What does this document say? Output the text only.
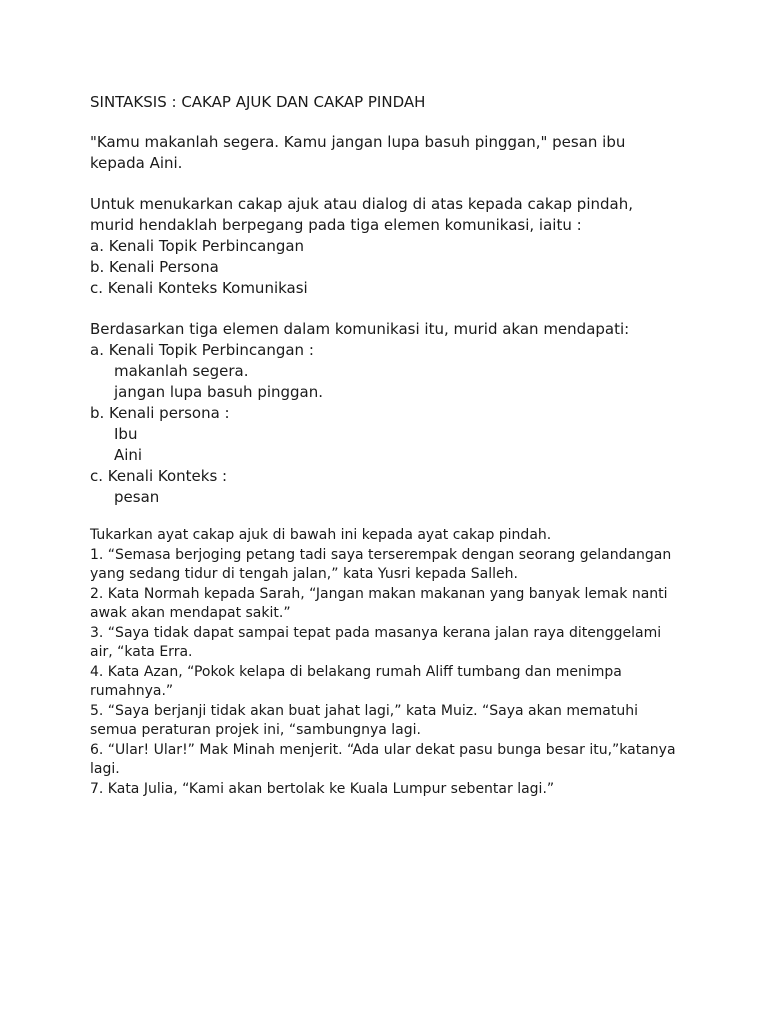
SINTAKSIS : CAKAP AJUK DAN CAKAP PINDAH

"Kamu makanlah segera. Kamu jangan lupa basuh pinggan," pesan ibu

kepada Aini.

Untuk menukarkan cakap ajuk atau dialog di atas kepada cakap pindah,

murid hendaklah berpegang pada tiga elemen komunikasi, iaitu :

a. Kenali Topik Perbincangan

b. Kenali Persona

c. Kenali Konteks Komunikasi

Berdasarkan tiga elemen dalam komunikasi itu, murid akan mendapati:

a. Kenali Topik Perbincangan :

makanlah segera.

jangan lupa basuh pinggan.

b. Kenali persona :

Ibu

Aini

c. Kenali Konteks :

pesan

Tukarkan ayat cakap ajuk di bawah ini kepada ayat cakap pindah.

1. “Semasa berjoging petang tadi saya terserempak dengan seorang gelandangan

yang sedang tidur di tengah jalan,” kata Yusri kepada Salleh.

2. Kata Normah kepada Sarah, “Jangan makan makanan yang banyak lemak nanti

awak akan mendapat sakit.”

3. “Saya tidak dapat sampai tepat pada masanya kerana jalan raya ditenggelami

air, “kata Erra.

4. Kata Azan, “Pokok kelapa di belakang rumah Aliff tumbang dan menimpa

rumahnya.”

5. “Saya berjanji tidak akan buat jahat lagi,” kata Muiz. “Saya akan mematuhi

semua peraturan projek ini, “sambungnya lagi.

6. “Ular! Ular!” Mak Minah menjerit. “Ada ular dekat pasu bunga besar itu,”katanya

lagi.

7. Kata Julia, “Kami akan bertolak ke Kuala Lumpur sebentar lagi.”
